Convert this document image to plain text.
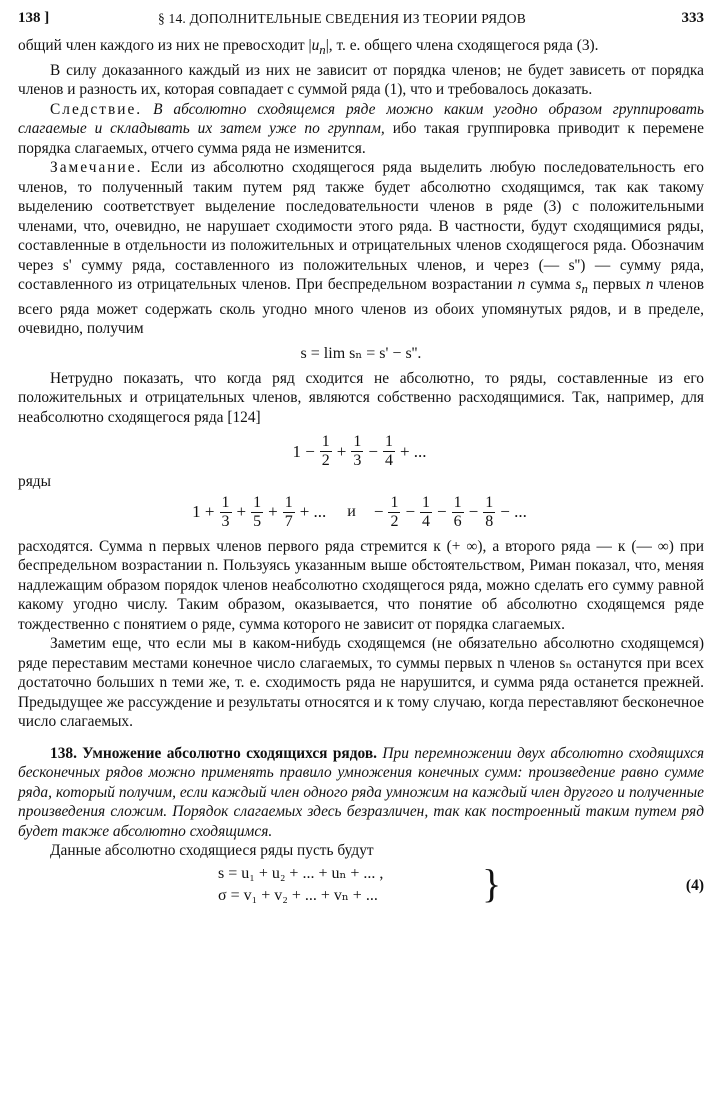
138 ]	§ 14. ДОПОЛНИТЕЛЬНЫЕ СВЕДЕНИЯ ИЗ ТЕОРИИ РЯДОВ	333

общий член каждого из них не превосходит $|u_n|$, т. е. общего члена сходящегося ряда (3).

В силу доказанного каждый из них не зависит от порядка членов; не будет зависеть от порядка членов и разность их, которая совпадает с суммой ряда (1), что и требовалось доказать.

Следствие. В абсолютно сходящемся ряде можно каким угодно образом группировать слагаемые и складывать их затем уже по группам, ибо такая группировка приводит к перемене порядка слагаемых, отчего сумма ряда не изменится.

Замечание. Если из абсолютно сходящегося ряда выделить любую последовательность его членов, то полученный таким путем ряд также будет абсолютно сходящимся, так как такому выделению соответствует выделение последовательности членов в ряде (3) с положительными членами, что, очевидно, не нарушает сходимости этого ряда. В частности, будут сходящимися ряды, составленные в отдельности из положительных и отрицательных членов сходящегося ряда. Обозначим через s' сумму ряда, составленного из положительных членов, и через (— s'') — сумму ряда, составленного из отрицательных членов. При беспредельном возрастании n сумма $s_n$ первых n членов всего ряда может содержать сколь угодно много членов из обоих упомянутых рядов, и в пределе, очевидно, получим

s = lim sₙ = s' − s''.

Нетрудно показать, что когда ряд сходится не абсолютно, то ряды, составленные из его положительных и отрицательных членов, являются собственно расходящимися. Так, например, для неабсолютно сходящегося ряда [124]

$1 - \frac{1}{2} + \frac{1}{3} - \frac{1}{4}$ + ...

ряды

$1 + \frac{1}{3} + \frac{1}{5} + \frac{1}{7}$ + ... $и - \frac{1}{2} - \frac{1}{4} - \frac{1}{6} - \frac{1}{8}$ − ...

расходятся. Сумма n первых членов первого ряда стремится к (+ ∞), а второго ряда — к (— ∞) при беспредельном возрастании n. Пользуясь указанным выше обстоятельством, Риман показал, что, меняя надлежащим образом порядок членов неабсолютно сходящегося ряда, можно сделать его сумму равной какому угодно числу. Таким образом, оказывается, что понятие об абсолютно сходящемся ряде тождественно с понятием о ряде, сумма которого не зависит от порядка слагаемых.

Заметим еще, что если мы в каком-нибудь сходящемся (не обязательно абсолютно сходящемся) ряде переставим местами конечное число слагаемых, то суммы первых n членов sₙ останутся при всех достаточно больших n теми же, т. е. сходимость ряда не нарушится, и сумма ряда останется прежней. Предыдущее же рассуждение и результаты относятся и к тому случаю, когда переставляют бесконечное число слагаемых.

138. Умножение абсолютно сходящихся рядов. При перемножении двух абсолютно сходящихся бесконечных рядов можно применять правило умножения конечных сумм: произведение равно сумме ряда, который получим, если каждый член одного ряда умножим на каждый член другого и полученные произведения сложим. Порядок слагаемых здесь безразличен, так как построенный таким путем ряд будет также абсолютно сходящимся.

Данные абсолютно сходящиеся ряды пусть будут

s = u₁ + u₂ + ... + uₙ + ... ,
σ = v₁ + v₂ + ... + vₙ + ...	}	(4)
